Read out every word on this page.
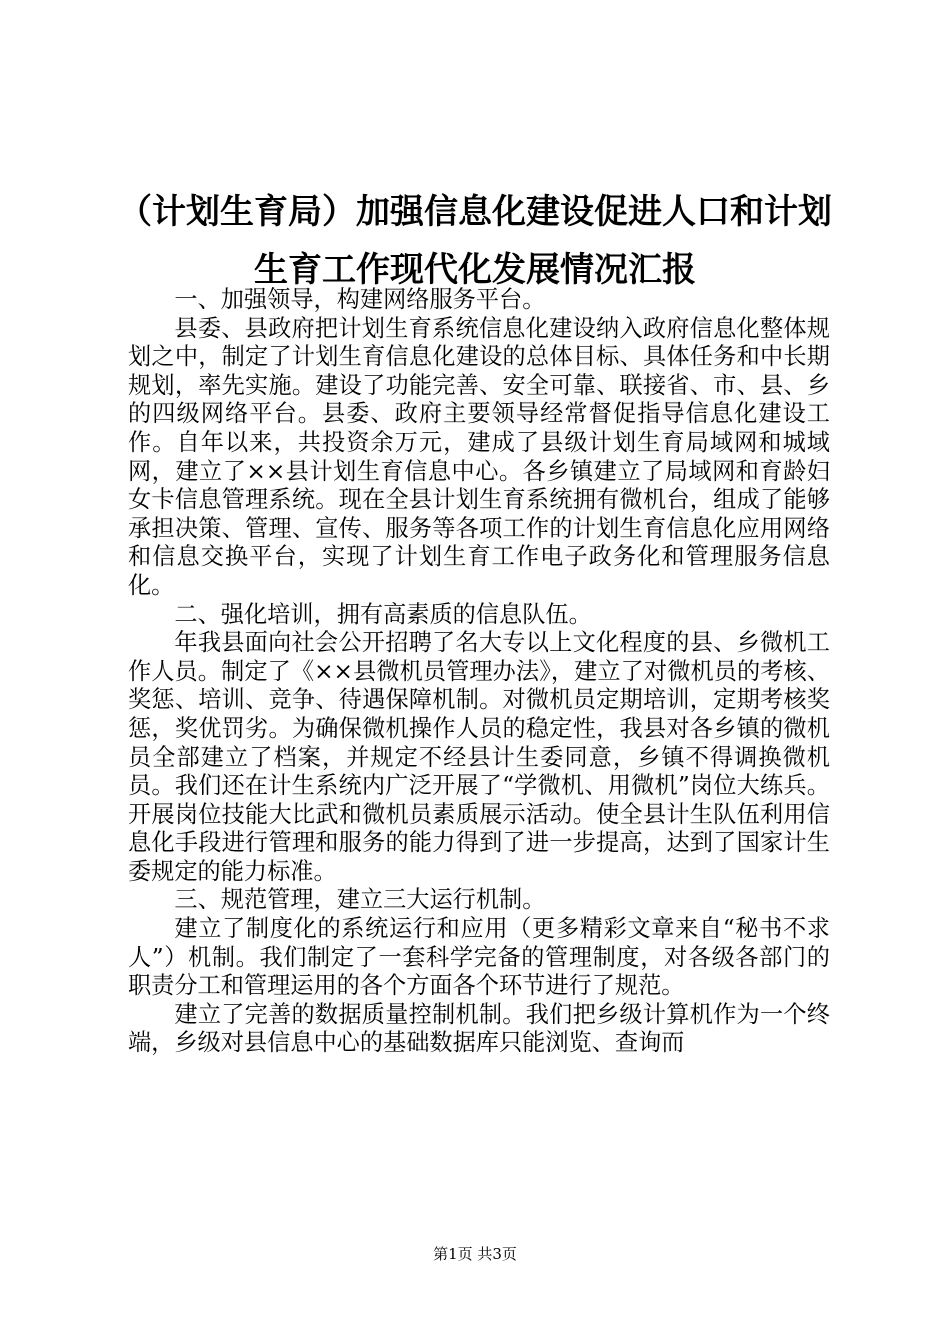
（计划生育局）加强信息化建设促进人口和计划生育工作现代化发展情况汇报

一、加强领导，构建网络服务平台。

县委、县政府把计划生育系统信息化建设纳入政府信息化整体规划之中，制定了计划生育信息化建设的总体目标、具体任务和中长期规划，率先实施。建设了功能完善、安全可靠、联接省、市、县、乡的四级网络平台。县委、政府主要领导经常督促指导信息化建设工作。自年以来，共投资余万元，建成了县级计划生育局域网和城域网，建立了××县计划生育信息中心。各乡镇建立了局域网和育龄妇女卡信息管理系统。现在全县计划生育系统拥有微机台，组成了能够承担决策、管理、宣传、服务等各项工作的计划生育信息化应用网络和信息交换平台，实现了计划生育工作电子政务化和管理服务信息化。

二、强化培训，拥有高素质的信息队伍。

年我县面向社会公开招聘了名大专以上文化程度的县、乡微机工作人员。制定了《××县微机员管理办法》，建立了对微机员的考核、奖惩、培训、竞争、待遇保障机制。对微机员定期培训，定期考核奖惩，奖优罚劣。为确保微机操作人员的稳定性，我县对各乡镇的微机员全部建立了档案，并规定不经县计生委同意，乡镇不得调换微机员。我们还在计生系统内广泛开展了“学微机、用微机”岗位大练兵。开展岗位技能大比武和微机员素质展示活动。使全县计生队伍利用信息化手段进行管理和服务的能力得到了进一步提高，达到了国家计生委规定的能力标准。

三、规范管理，建立三大运行机制。

建立了制度化的系统运行和应用（更多精彩文章来自“秘书不求人”）机制。我们制定了一套科学完备的管理制度，对各级各部门的职责分工和管理运用的各个方面各个环节进行了规范。

建立了完善的数据质量控制机制。我们把乡级计算机作为一个终端，乡级对县信息中心的基础数据库只能浏览、查询而

第1页 共3页
